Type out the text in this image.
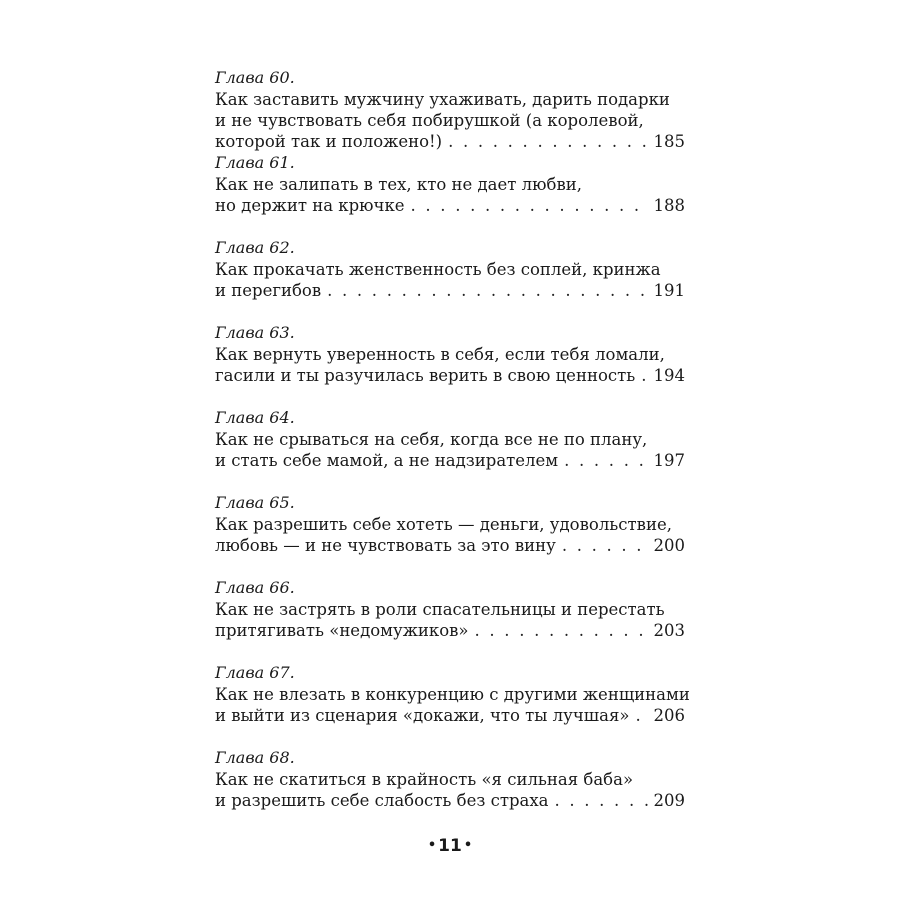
Глава 60.
Как заставить мужчину ухаживать, дарить подарки
и не чувствовать себя побирушкой (а королевой,
которой так и положено!) . . .	185
Глава 61.
Как не залипать в тех, кто не дает любви,
но держит на крючке . . .	188
Глава 62.
Как прокачать женственность без соплей, кринжа
и перегибов . . .	191
Глава 63.
Как вернуть уверенность в себя, если тебя ломали,
гасили и ты разучилась верить в свою ценность . . . 194
Глава 64.
Как не срываться на себя, когда все не по плану,
и стать себе мамой, а не надзирателем . . .	197
Глава 65.
Как разрешить себе хотеть — деньги, удовольствие,
любовь — и не чувствовать за это вину . . .	200
Глава 66.
Как не застрять в роли спасательницы и перестать
притягивать «недомужиков» . . .	203
Глава 67.
Как не влезать в конкуренцию с другими женщинами
и выйти из сценария «докажи, что ты лучшая» . . . 206
Глава 68.
Как не скатиться в крайность «я сильная баба»
и разрешить себе слабость без страха . . .	209
• 11 •
